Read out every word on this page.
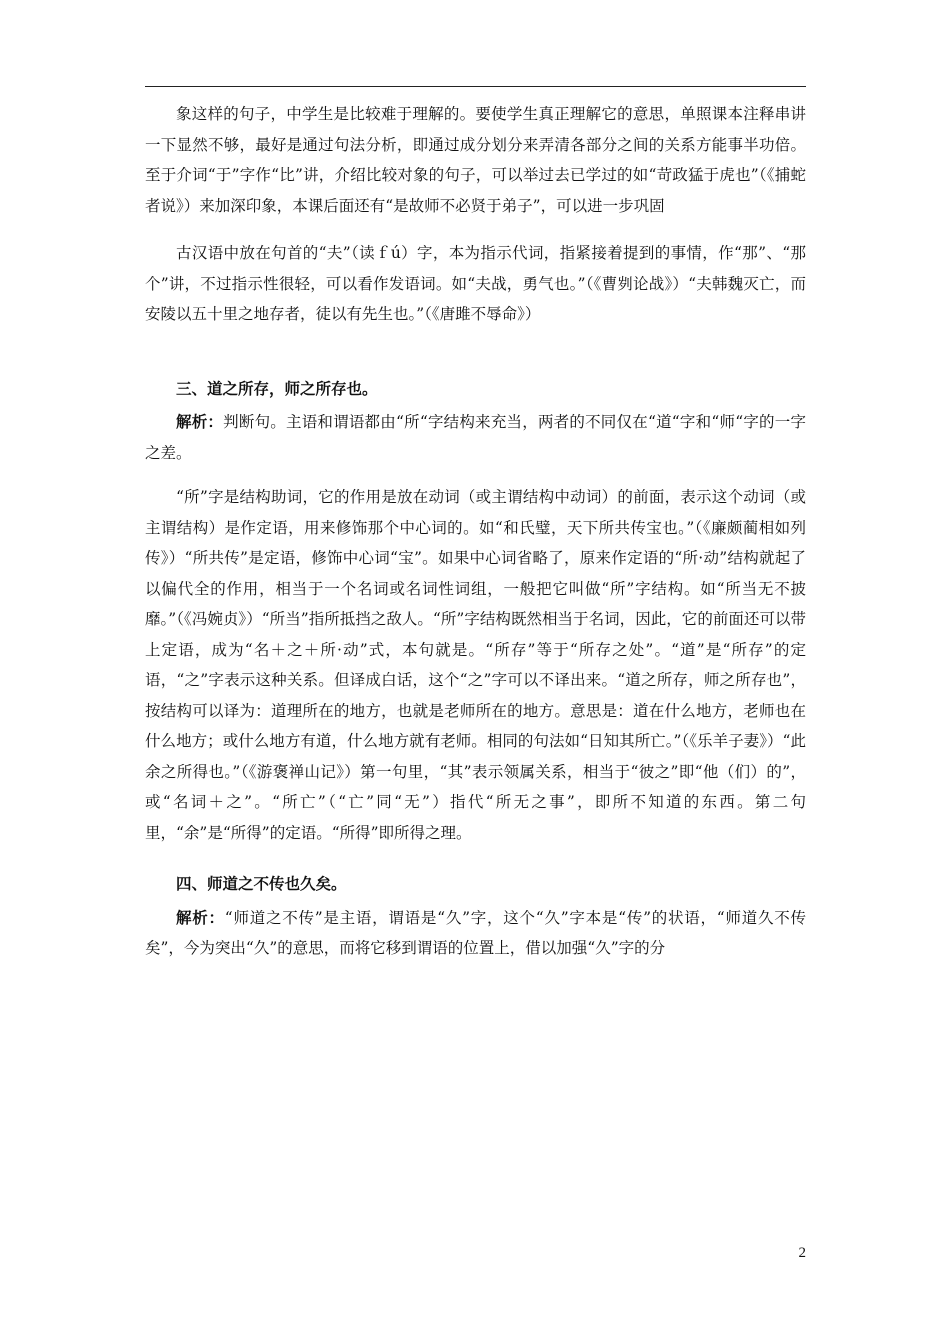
象这样的句子，中学生是比较难于理解的。要使学生真正理解它的意思，单照课本注释串讲一下显然不够，最好是通过句法分析，即通过成分划分来弄清各部分之间的关系方能事半功倍。至于介词“于”字作“比”讲，介绍比较对象的句子，可以举过去已学过的如“苛政猛于虎也”（《捕蛇者说》）来加深印象，本课后面还有“是故师不必贤于弟子”，可以进一步巩固

古汉语中放在句首的“夫”（读ｆú）字，本为指示代词，指紧接着提到的事情，作“那”、“那个”讲，不过指示性很轻，可以看作发语词。如“夫战，勇气也。”（《曹刿论战》）“夫韩魏灭亡，而安陵以五十里之地存者，徒以有先生也。”（《唐雎不辱命》）

三、道之所存，师之所存也。

解析：判断句。主语和谓语都由“所“字结构来充当，两者的不同仅在“道“字和“师“字的一字之差。

“所”字是结构助词，它的作用是放在动词（或主谓结构中动词）的前面，表示这个动词（或主谓结构）是作定语，用来修饰那个中心词的。如“和氏璧，天下所共传宝也。”（《廉颇蔺相如列传》）“所共传”是定语，修饰中心词“宝”。如果中心词省略了，原来作定语的“所·动”结构就起了以偏代全的作用，相当于一个名词或名词性词组，一般把它叫做“所”字结构。如“所当无不披靡。”（《冯婉贞》）“所当”指所抵挡之敌人。“所”字结构既然相当于名词，因此，它的前面还可以带上定语，成为“名＋之＋所·动”式，本句就是。“所存”等于“所存之处”。“道”是“所存”的定语，“之”字表示这种关系。但译成白话，这个“之”字可以不译出来。“道之所存，师之所存也”，按结构可以译为：道理所在的地方，也就是老师所在的地方。意思是：道在什么地方，老师也在什么地方；或什么地方有道，什么地方就有老师。相同的句法如“日知其所亡。”（《乐羊子妻》）“此余之所得也。”（《游褒禅山记》）第一句里，“其”表示领属关系，相当于“彼之”即“他（们）的”，或“名词＋之”。“所亡”（“亡”同“无”）指代“所无之事”，即所不知道的东西。第二句里，“余”是“所得”的定语。“所得”即所得之理。

四、师道之不传也久矣。

解析：“师道之不传”是主语，谓语是“久”字，这个“久”字本是“传”的状语，“师道久不传矣”，今为突出“久”的意思，而将它移到谓语的位置上，借以加强“久”字的分

2
